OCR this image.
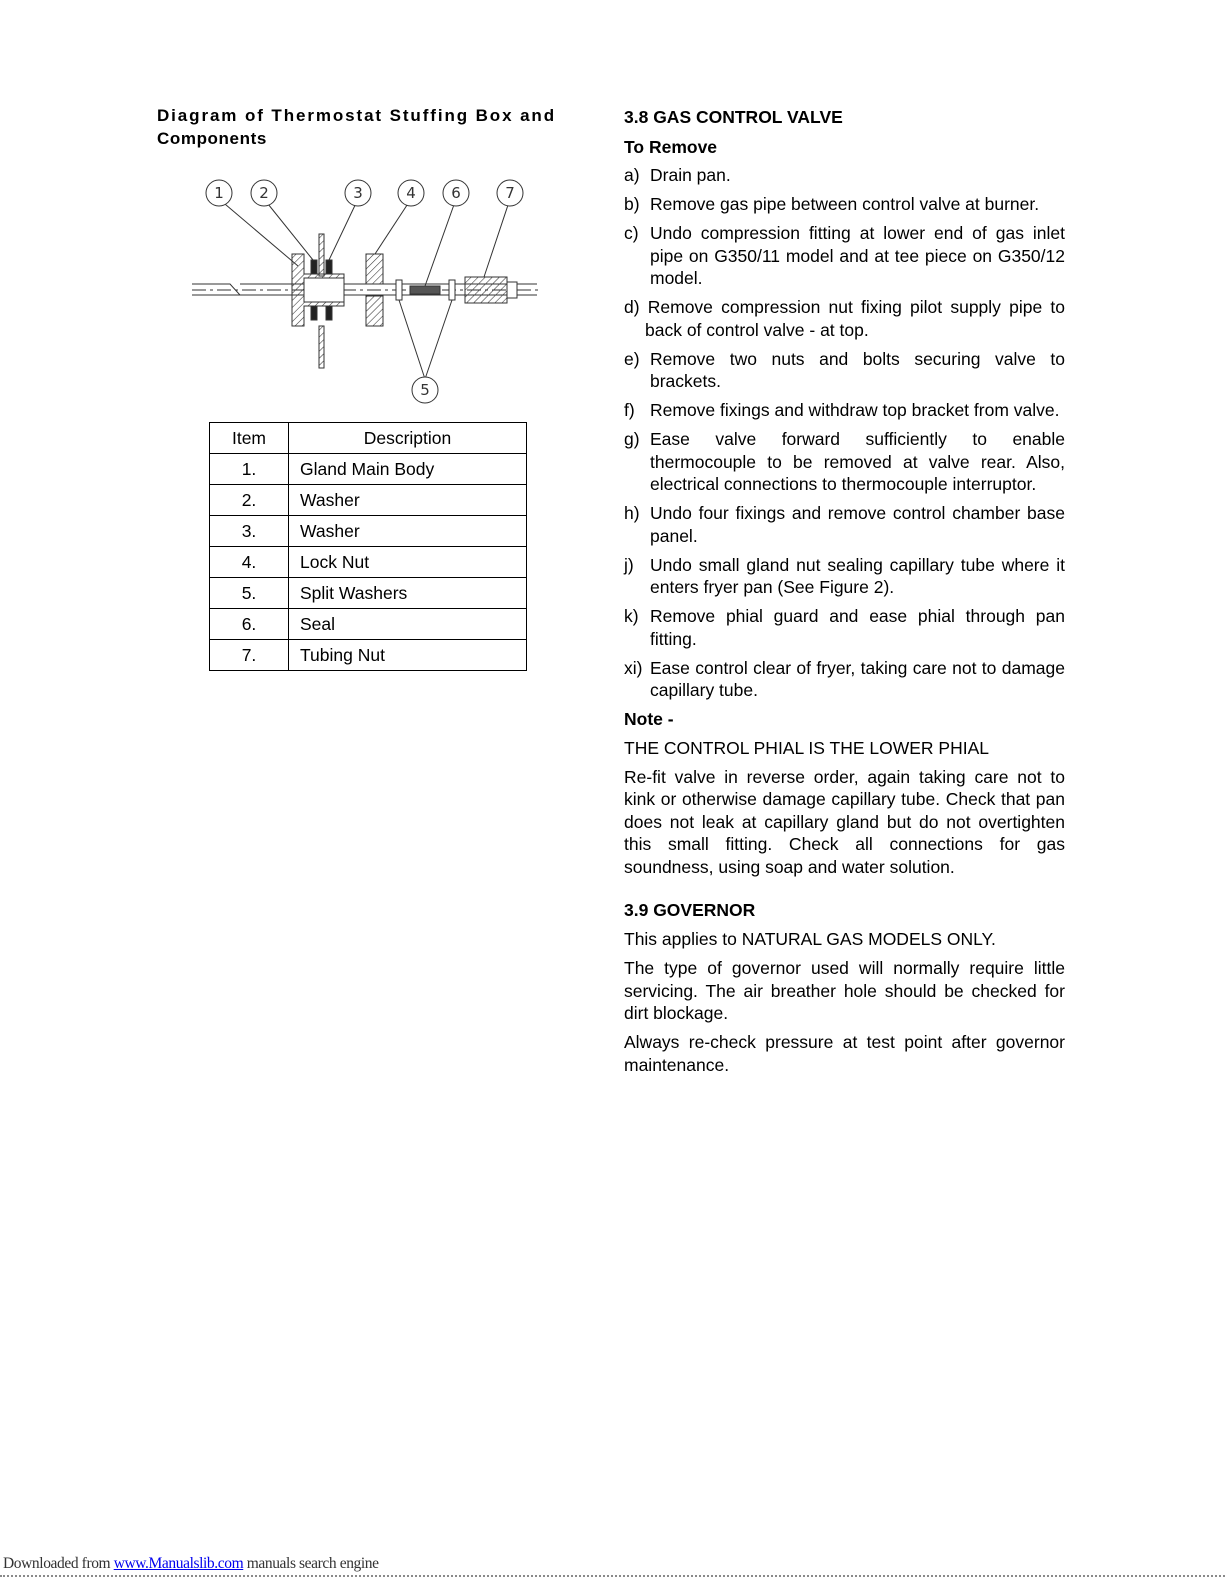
Diagram of Thermostat Stuffing Box and
Components

1 2	3	4 6	7
5
Item	Description
1.	Gland Main Body
2.	Washer
3.	Washer
4.	Lock Nut
5.	Split Washers
6.	Seal
7.	Tubing Nut
3.8 GAS CONTROL VALVE
To Remove
a) Drain pan.
b) Remove gas pipe between control valve at burner.
c) Undo compression fitting at lower end of gas inlet pipe on G350/11 model and at tee piece on G350/12 model.
d) Remove compression nut fixing pilot supply pipe to back of control valve - at top.
e) Remove two nuts and bolts securing valve to brackets.
f) Remove fixings and withdraw top bracket from valve.
g) Ease valve forward sufficiently to enable thermocouple to be removed at valve rear. Also, electrical connections to thermocouple interruptor.
h) Undo four fixings and remove control chamber base panel.
j) Undo small gland nut sealing capillary tube where it enters fryer pan (See Figure 2).
k) Remove phial guard and ease phial through pan fitting.
xi) Ease control clear of fryer, taking care not to damage capillary tube.
Note -
THE CONTROL PHIAL IS THE LOWER PHIAL
Re-fit valve in reverse order, again taking care not to kink or otherwise damage capillary tube. Check that pan does not leak at capillary gland but do not overtighten this small fitting. Check all connections for gas soundness, using soap and water solution.
3.9 GOVERNOR
This applies to NATURAL GAS MODELS ONLY.
The type of governor used will normally require little servicing. The air breather hole should be checked for dirt blockage.
Always re-check pressure at test point after governor maintenance.
Downloaded from www.Manualslib.com manuals search engine
